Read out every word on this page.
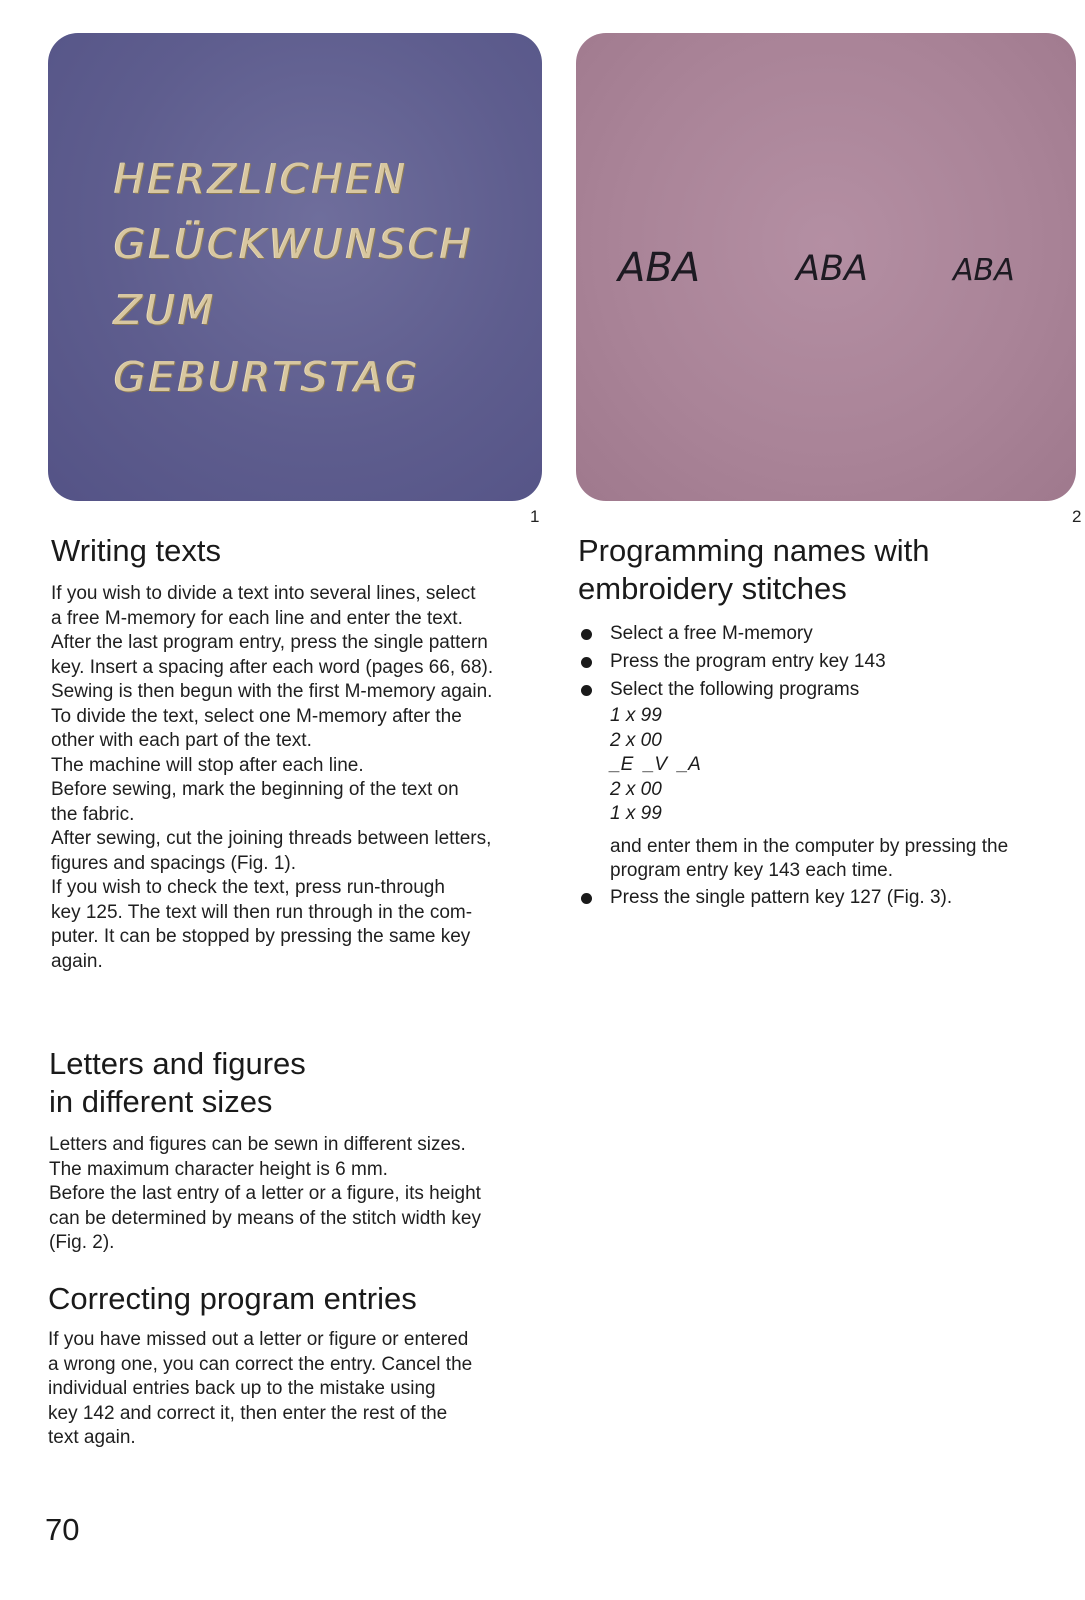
HERZLICHEN
GLÜCKWUNSCH
ZUM
GEBURTSTAG
1
ABA	ABA	ABA
2
Writing texts
If you wish to divide a text into several lines, select
a free M-memory for each line and enter the text.
After the last program entry, press the single pattern
key. Insert a spacing after each word (pages 66, 68).
Sewing is then begun with the first M-memory again.
To divide the text, select one M-memory after the
other with each part of the text.
The machine will stop after each line.
Before sewing, mark the beginning of the text on
the fabric.
After sewing, cut the joining threads between letters,
figures and spacings (Fig. 1).
If you wish to check the text, press run-through
key 125. The text will then run through in the com-
puter. It can be stopped by pressing the same key
again.
Letters and figures
in different sizes
Letters and figures can be sewn in different sizes.
The maximum character height is 6 mm.
Before the last entry of a letter or a figure, its height
can be determined by means of the stitch width key
(Fig. 2).
Correcting program entries
If you have missed out a letter or figure or entered
a wrong one, you can correct the entry. Cancel the
individual entries back up to the mistake using
key 142 and correct it, then enter the rest of the
text again.
Programming names with
embroidery stitches
Select a free M-memory
Press the program entry key 143
Select the following programs
1 x 99
2 x 00
_E  _V  _A
2 x 00
1 x 99
and enter them in the computer by pressing the
program entry key 143 each time.
Press the single pattern key 127 (Fig. 3).
70
